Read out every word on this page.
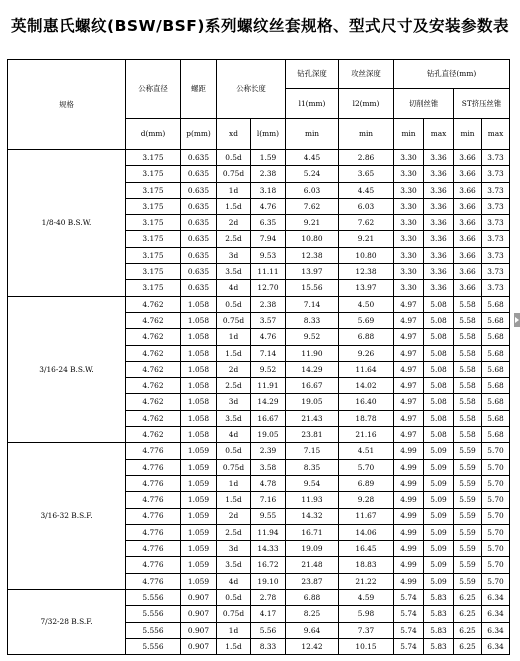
英制惠氏螺纹(BSW/BSF)系列螺纹丝套规格、型式尺寸及安装参数表
规格	公称直径	螺距	公称长度		钻孔深度	攻丝深度	钻孔直径(mm)			
					l1(mm)	l2(mm)	切削丝锥		ST挤压丝锥	
	d(mm)	p(mm)	xd	l(mm)	min	min	min	max	min	max
1/8-40 B.S.W.	3.175	0.635	0.5d	1.59	4.45	2.86	3.30	3.36	3.66	3.73
	3.175	0.635	0.75d	2.38	5.24	3.65	3.30	3.36	3.66	3.73
	3.175	0.635	1d	3.18	6.03	4.45	3.30	3.36	3.66	3.73
	3.175	0.635	1.5d	4.76	7.62	6.03	3.30	3.36	3.66	3.73
	3.175	0.635	2d	6.35	9.21	7.62	3.30	3.36	3.66	3.73
	3.175	0.635	2.5d	7.94	10.80	9.21	3.30	3.36	3.66	3.73
	3.175	0.635	3d	9.53	12.38	10.80	3.30	3.36	3.66	3.73
	3.175	0.635	3.5d	11.11	13.97	12.38	3.30	3.36	3.66	3.73
	3.175	0.635	4d	12.70	15.56	13.97	3.30	3.36	3.66	3.73
3/16-24 B.S.W.	4.762	1.058	0.5d	2.38	7.14	4.50	4.97	5.08	5.58	5.68
	4.762	1.058	0.75d	3.57	8.33	5.69	4.97	5.08	5.58	5.68
	4.762	1.058	1d	4.76	9.52	6.88	4.97	5.08	5.58	5.68
	4.762	1.058	1.5d	7.14	11.90	9.26	4.97	5.08	5.58	5.68
	4.762	1.058	2d	9.52	14.29	11.64	4.97	5.08	5.58	5.68
	4.762	1.058	2.5d	11.91	16.67	14.02	4.97	5.08	5.58	5.68
	4.762	1.058	3d	14.29	19.05	16.40	4.97	5.08	5.58	5.68
	4.762	1.058	3.5d	16.67	21.43	18.78	4.97	5.08	5.58	5.68
	4.762	1.058	4d	19.05	23.81	21.16	4.97	5.08	5.58	5.68
3/16-32 B.S.F.	4.776	1.059	0.5d	2.39	7.15	4.51	4.99	5.09	5.59	5.70
	4.776	1.059	0.75d	3.58	8.35	5.70	4.99	5.09	5.59	5.70
	4.776	1.059	1d	4.78	9.54	6.89	4.99	5.09	5.59	5.70
	4.776	1.059	1.5d	7.16	11.93	9.28	4.99	5.09	5.59	5.70
	4.776	1.059	2d	9.55	14.32	11.67	4.99	5.09	5.59	5.70
	4.776	1.059	2.5d	11.94	16.71	14.06	4.99	5.09	5.59	5.70
	4.776	1.059	3d	14.33	19.09	16.45	4.99	5.09	5.59	5.70
	4.776	1.059	3.5d	16.72	21.48	18.83	4.99	5.09	5.59	5.70
	4.776	1.059	4d	19.10	23.87	21.22	4.99	5.09	5.59	5.70
7/32-28 B.S.F.	5.556	0.907	0.5d	2.78	6.88	4.59	5.74	5.83	6.25	6.34
	5.556	0.907	0.75d	4.17	8.25	5.98	5.74	5.83	6.25	6.34
	5.556	0.907	1d	5.56	9.64	7.37	5.74	5.83	6.25	6.34
	5.556	0.907	1.5d	8.33	12.42	10.15	5.74	5.83	6.25	6.34
